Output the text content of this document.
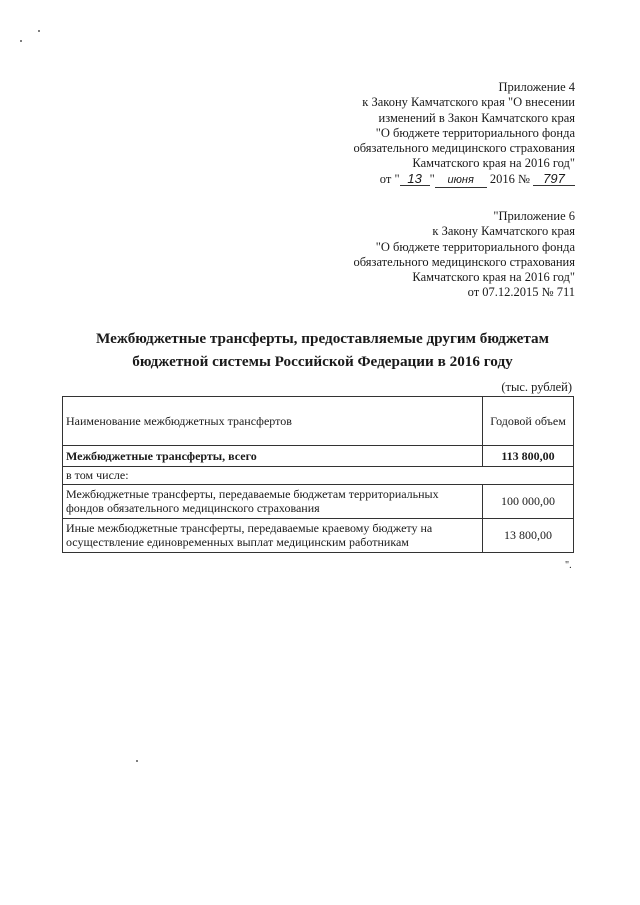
Приложение 4
к Закону Камчатского края "О внесении
изменений в Закон Камчатского края
"О бюджете территориального фонда
обязательного медицинского страхования
Камчатского края на 2016 год"
от " 13 " июня 2016 № 797
"Приложение 6
к Закону Камчатского края
"О бюджете территориального фонда
обязательного медицинского страхования
Камчатского края на 2016 год"
от 07.12.2015 № 711
Межбюджетные трансферты, предоставляемые другим бюджетам
бюджетной системы Российской Федерации в 2016 году
(тыс. рублей)
Наименование межбюджетных трансфертов	Годовой объем
Межбюджетные трансферты, всего	113 800,00
в том числе:	
Межбюджетные трансферты, передаваемые бюджетам территориальных фондов обязательного медицинского страхования	100 000,00
Иные межбюджетные трансферты, передаваемые краевому бюджету на осуществление единовременных выплат медицинским работникам	13 800,00
".
